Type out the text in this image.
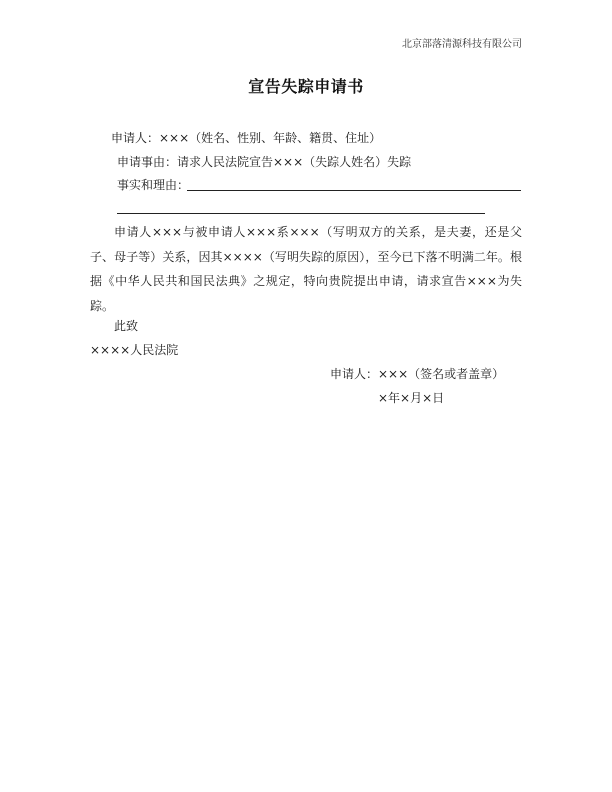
北京部落清源科技有限公司
宣告失踪申请书
申请人：×××（姓名、性别、年龄、籍贯、住址）
申请事由：请求人民法院宣告×××（失踪人姓名）失踪
事实和理由：

申请人×××与被申请人×××系×××（写明双方的关系，是夫妻，还是父子、母子等）关系，因其××××（写明失踪的原因），至今已下落不明满二年。根据《中华人民共和国民法典》之规定，特向贵院提出申请，请求宣告×××为失踪。

此致
××××人民法院
申请人：×××（签名或者盖章）
×年×月×日
